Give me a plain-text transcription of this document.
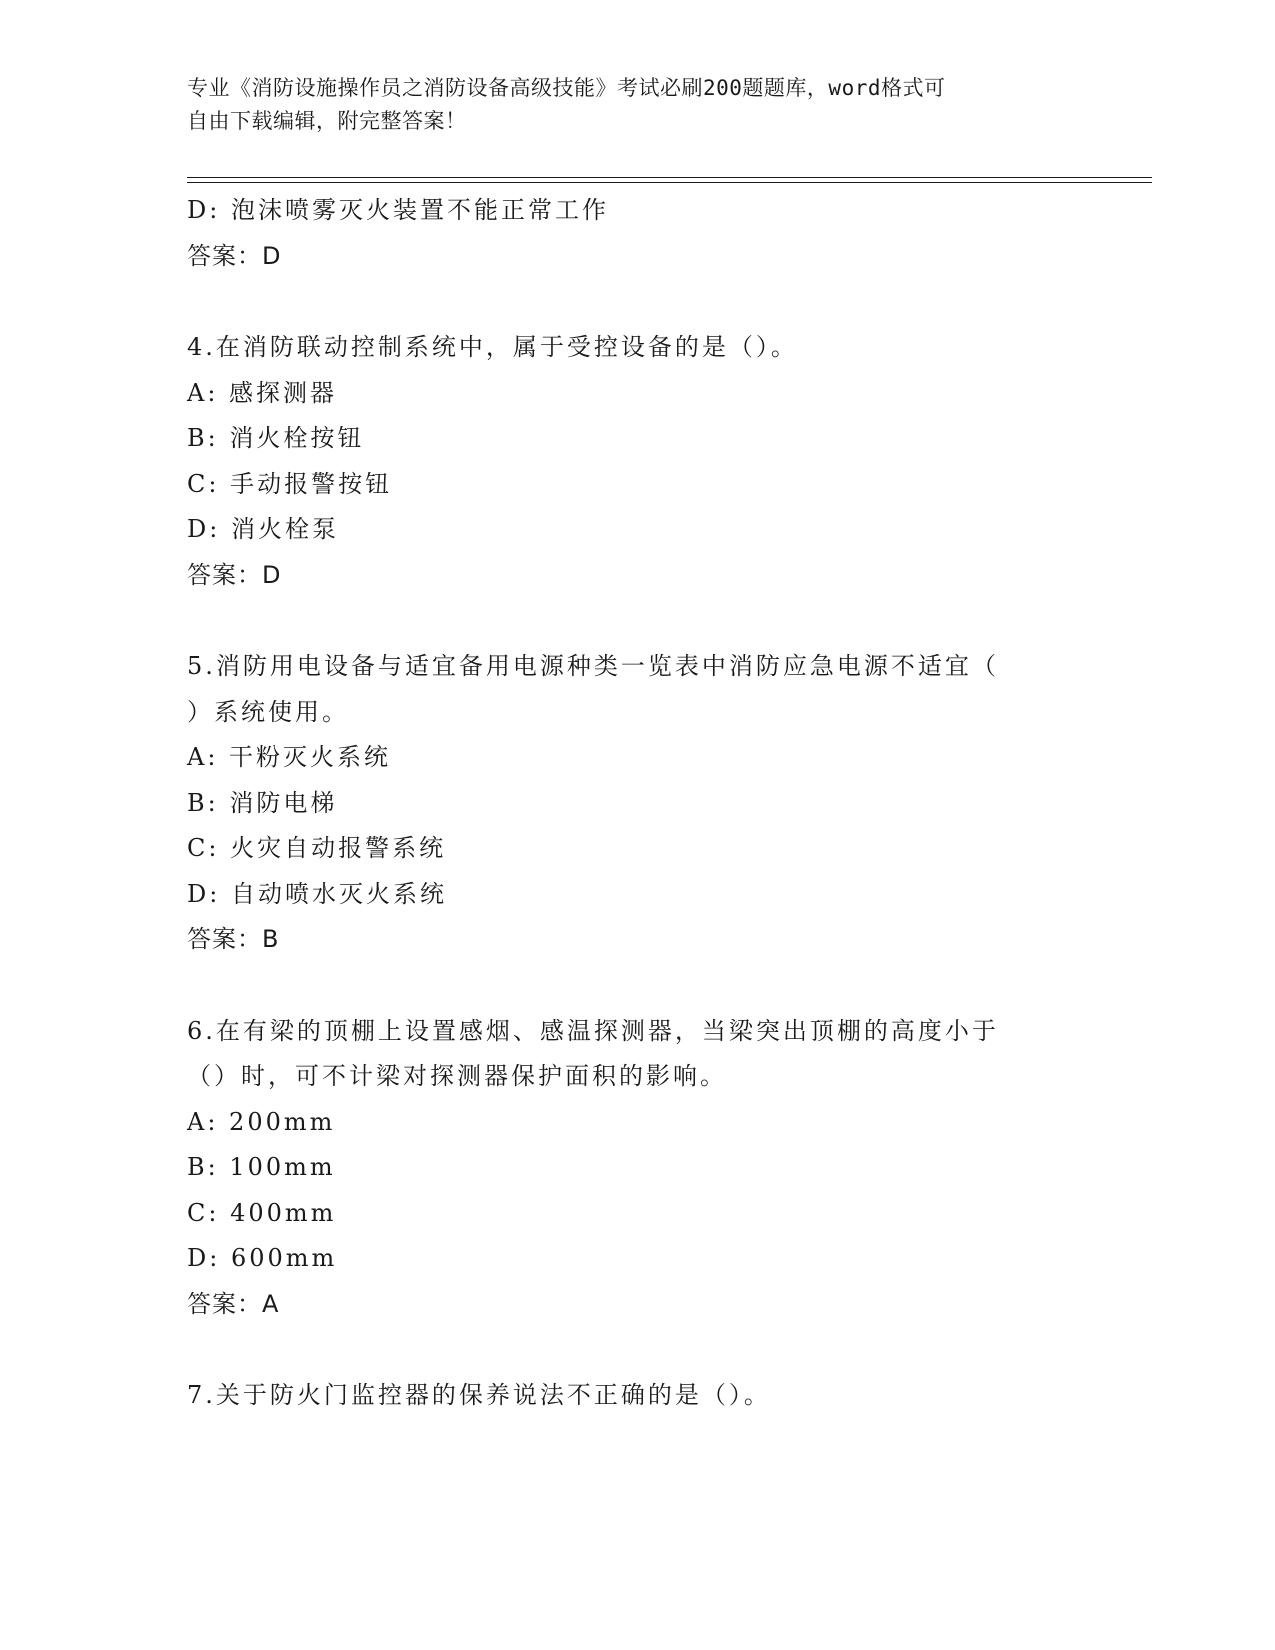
专业《消防设施操作员之消防设备高级技能》考试必刷200题题库，word格式可
自由下载编辑，附完整答案！
D: 泡沫喷雾灭火装置不能正常工作
答案：D
4.在消防联动控制系统中，属于受控设备的是（）。
A: 感探测器
B: 消火栓按钮
C: 手动报警按钮
D: 消火栓泵
答案：D
5.消防用电设备与适宜备用电源种类一览表中消防应急电源不适宜（
）系统使用。
A: 干粉灭火系统
B: 消防电梯
C: 火灾自动报警系统
D: 自动喷水灭火系统
答案：B
6.在有梁的顶棚上设置感烟、感温探测器，当梁突出顶棚的高度小于
（）时，可不计梁对探测器保护面积的影响。
A: 200mm
B: 100mm
C: 400mm
D: 600mm
答案：A
7.关于防火门监控器的保养说法不正确的是（）。
